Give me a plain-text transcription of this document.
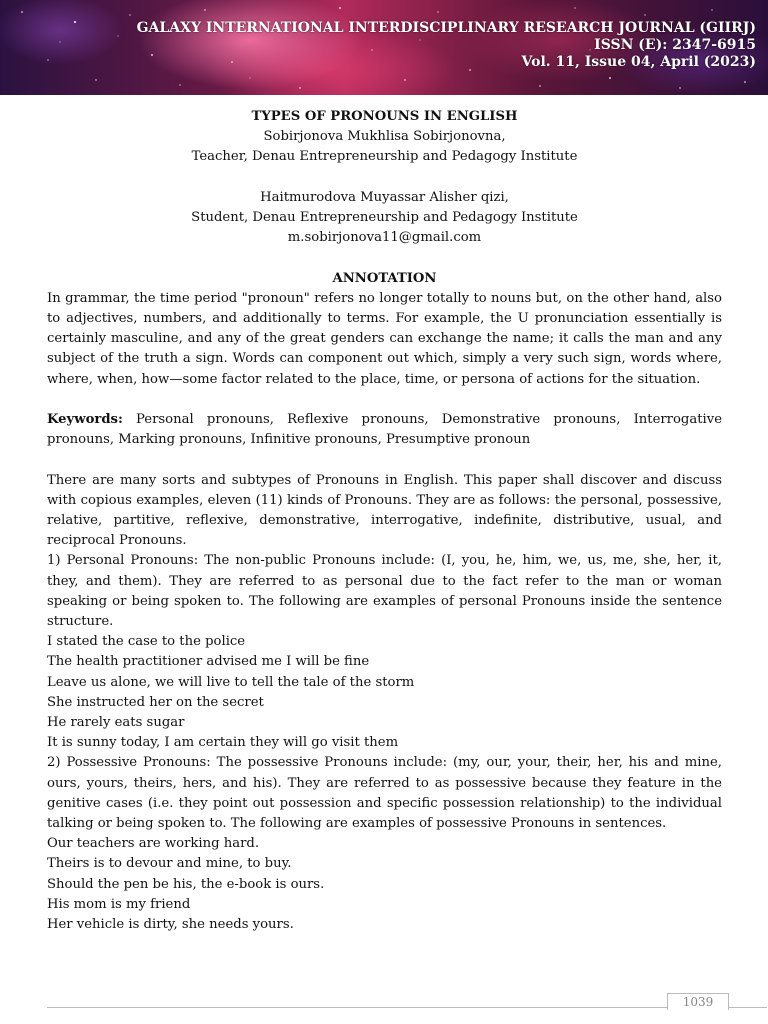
GALAXY INTERNATIONAL INTERDISCIPLINARY RESEARCH JOURNAL (GIIRJ)
ISSN (E): 2347-6915
Vol. 11, Issue 04, April (2023)
TYPES OF PRONOUNS IN ENGLISH
Sobirjonova Mukhlisa Sobirjonovna,
Teacher, Denau Entrepreneurship and Pedagogy Institute
Haitmurodova Muyassar Alisher qizi,
Student, Denau Entrepreneurship and Pedagogy Institute
m.sobirjonova11@gmail.com
ANNOTATION
In grammar, the time period "pronoun" refers no longer totally to nouns but, on the other hand, also to adjectives, numbers, and additionally to terms. For example, the U pronunciation essentially is certainly masculine, and any of the great genders can exchange the name; it calls the man and any subject of the truth a sign. Words can component out which, simply a very such sign, words where, where, when, how—some factor related to the place, time, or persona of actions for the situation.
Keywords: Personal pronouns, Reflexive pronouns, Demonstrative pronouns, Interrogative pronouns, Marking pronouns, Infinitive pronouns, Presumptive pronoun
There are many sorts and subtypes of Pronouns in English. This paper shall discover and discuss with copious examples, eleven (11) kinds of Pronouns. They are as follows: the personal, possessive, relative, partitive, reflexive, demonstrative, interrogative, indefinite, distributive, usual, and reciprocal Pronouns.
1) Personal Pronouns: The non-public Pronouns include: (I, you, he, him, we, us, me, she, her, it, they, and them). They are referred to as personal due to the fact refer to the man or woman speaking or being spoken to. The following are examples of personal Pronouns inside the sentence structure.
I stated the case to the police
The health practitioner advised me I will be fine
Leave us alone, we will live to tell the tale of the storm
She instructed her on the secret
He rarely eats sugar
It is sunny today, I am certain they will go visit them
2) Possessive Pronouns: The possessive Pronouns include: (my, our, your, their, her, his and mine, ours, yours, theirs, hers, and his). They are referred to as possessive because they feature in the genitive cases (i.e. they point out possession and specific possession relationship) to the individual talking or being spoken to. The following are examples of possessive Pronouns in sentences.
Our teachers are working hard.
Theirs is to devour and mine, to buy.
Should the pen be his, the e-book is ours.
His mom is my friend
Her vehicle is dirty, she needs yours.
1039
